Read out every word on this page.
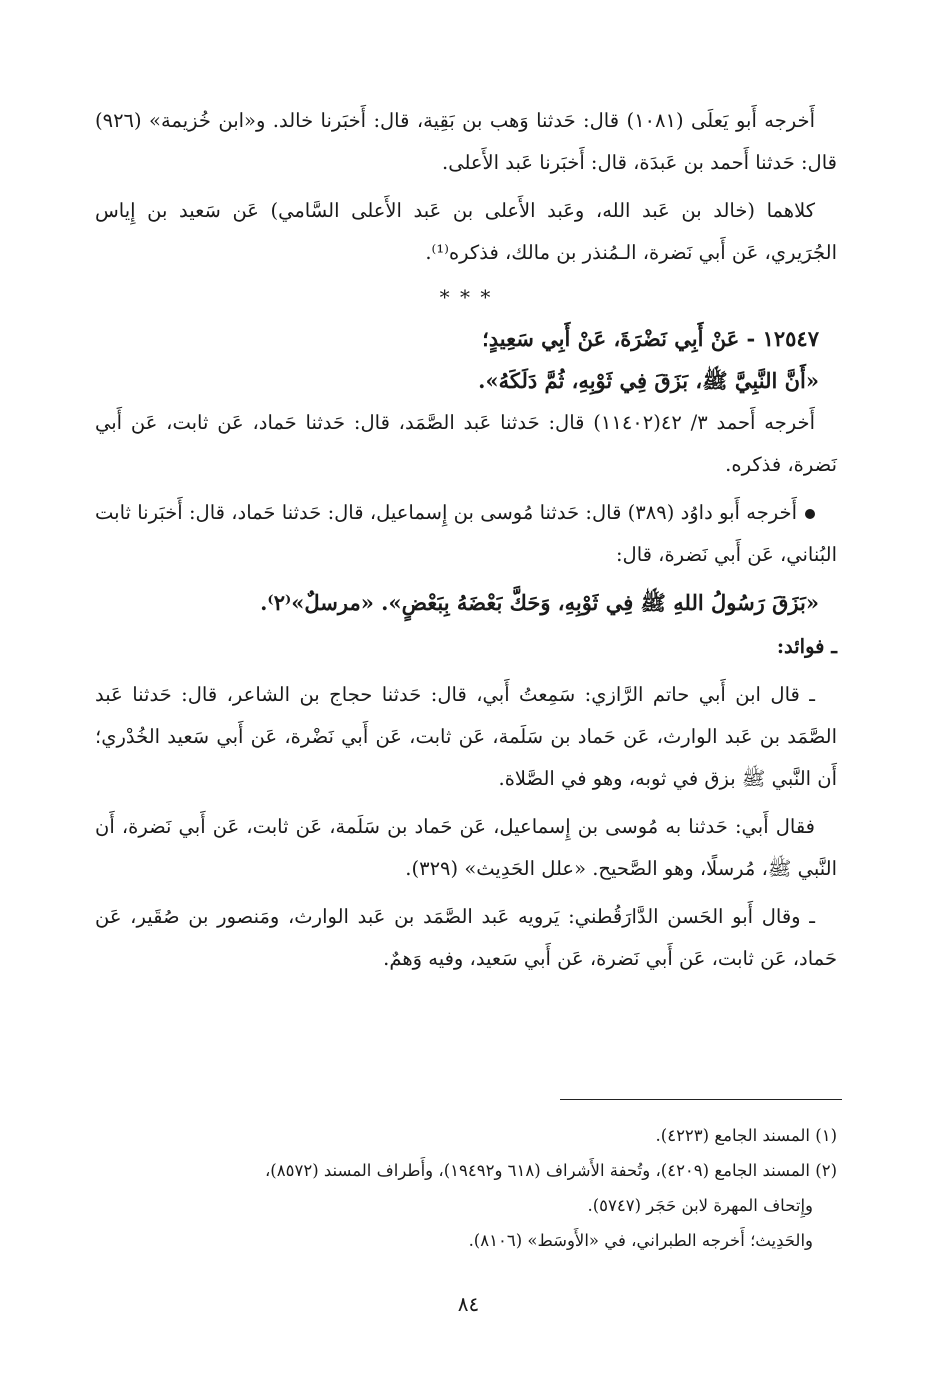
أَخرجه أَبو يَعلَى (١٠٨١) قال: حَدثنا وَهب بن بَقِية، قال: أَخبَرنا خالد. و«ابن خُزيمة» (٩٢٦) قال: حَدثنا أَحمد بن عَبدَة، قال: أَخبَرنا عَبد الأَعلى.

كلاهما (خالد بن عَبد الله، وعَبد الأَعلى بن عَبد الأَعلى السَّامي) عَن سَعيد بن إِياس الجُرَيري، عَن أَبي نَضرة، الـمُنذر بن مالك، فذكره⁽¹⁾.

* * *

١٢٥٤٧ - عَنْ أَبِي نَضْرَةَ، عَنْ أَبِي سَعِيدٍ؛

«أَنَّ النَّبِيَّ ﷺ، بَزَقَ فِي ثَوْبِهِ، ثُمَّ دَلَكَهُ».

أَخرجه أَحمد ٣/ ٤٢(١١٤٠٢) قال: حَدثنا عَبد الصَّمَد، قال: حَدثنا حَماد، عَن ثابت، عَن أَبي نَضرة، فذكره.

أَخرجه أَبو داوُد (٣٨٩) قال: حَدثنا مُوسى بن إِسماعيل، قال: حَدثنا حَماد، قال: أَخبَرنا ثابت البُناني، عَن أَبي نَضرة، قال:

«بَزَقَ رَسُولُ اللهِ ﷺ فِي ثَوْبِهِ، وَحَكَّ بَعْضَهُ بِبَعْضٍ». «مرسلٌ»⁽٢⁾.

ـ فوائد:

ـ قال ابن أَبي حاتم الرَّازي: سَمِعتُ أَبي، قال: حَدثنا حجاج بن الشاعر، قال: حَدثنا عَبد الصَّمَد بن عَبد الوارث، عَن حَماد بن سَلَمة، عَن ثابت، عَن أَبي نَضْرة، عَن أَبي سَعيد الخُدْري؛ أَن النَّبي ﷺ بزق في ثوبه، وهو في الصَّلاة.

فقال أَبي: حَدثنا به مُوسى بن إِسماعيل، عَن حَماد بن سَلَمة، عَن ثابت، عَن أَبي نَضرة، أَن النَّبي ﷺ، مُرسلًا، وهو الصَّحيح. «علل الحَدِيث» (٣٢٩).

ـ وقال أَبو الحَسن الدَّارَقُطني: يَرويه عَبد الصَّمَد بن عَبد الوارث، ومَنصور بن صُقَير، عَن حَماد، عَن ثابت، عَن أَبي نَضرة، عَن أَبي سَعيد، وفيه وَهمٌ.

(١) المسند الجامع (٤٢٢٣).

(٢) المسند الجامع (٤٢٠٩)، وتُحفة الأَشراف (٦١٨ و١٩٤٩٢)، وأَطراف المسند (٨٥٧٢)،

وإِتحاف المهرة لابن حَجَر (٥٧٤٧).

والحَدِيث؛ أَخرجه الطبراني، في «الأَوسَط» (٨١٠٦).

٨٤
